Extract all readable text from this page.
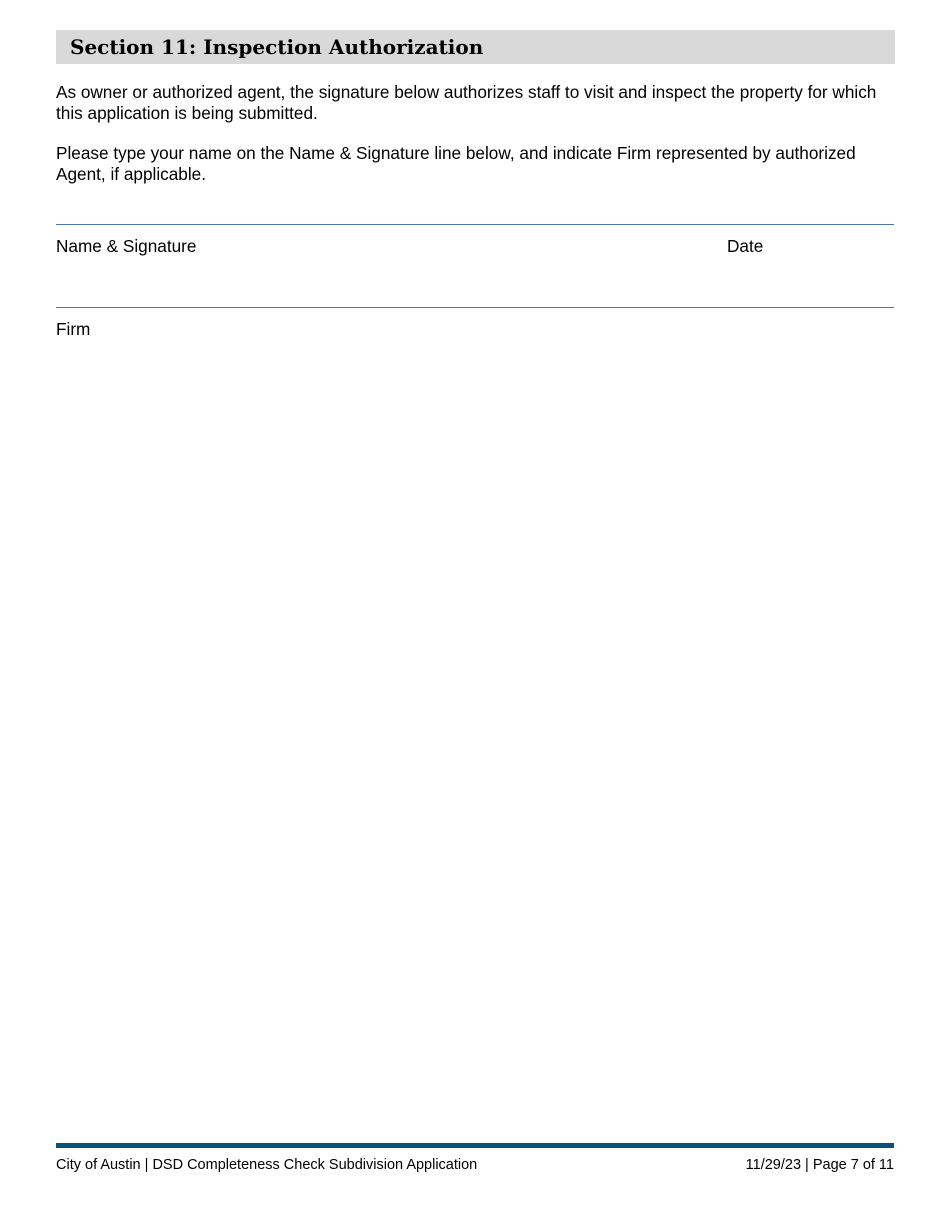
Section 11: Inspection Authorization

As owner or authorized agent, the signature below authorizes staff to visit and inspect the property for which this application is being submitted.

Please type your name on the Name & Signature line below, and indicate Firm represented by authorized Agent, if applicable.

Name & Signature	Date
Firm
City of Austin | DSD Completeness Check Subdivision Application	11/29/23 | Page 7 of 11
